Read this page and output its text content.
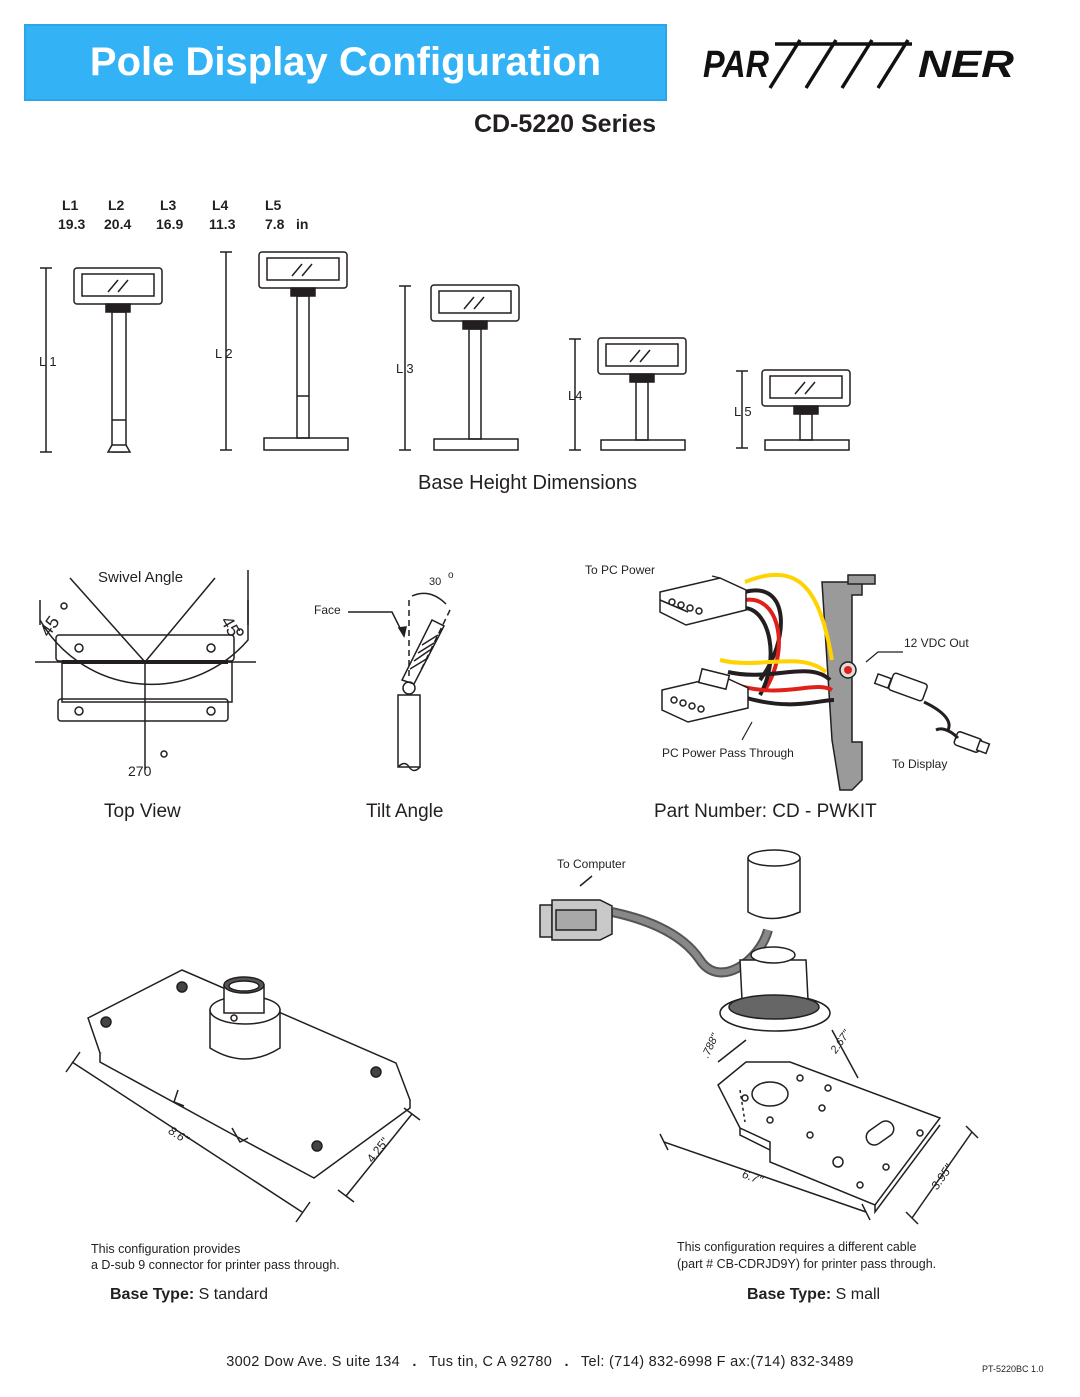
Pole Display Configuration	PAR	NER
CD-5220 Series
L1 L2	L3	L4	L5
19.3 20.4 16.9 11.3 7.8 in
L 1
L 2
L 3
L4
L 5
Base Height Dimensions
Swivel Angle
45	45
270
Top View
30
o
Face
Tilt Angle
To PC Power
12 VDC Out
PC Power Pass Through
To Display
Part Number: CD - PWKIT
8.6"	4.25"
This configuration provides
a D-sub 9 connector for printer pass through.
Base Type: S tandard
To Computer
.788"	2.67"
6.7"	3.95"
This configuration requires a different cable
(part # CB-CDRJD9Y) for printer pass through.
Base Type: S mall
3002 Dow Ave. S uite 134 . Tus tin, C A 92780 . Tel: (714) 832-6998 F ax:(714) 832-3489	PT-5220BC 1.0
